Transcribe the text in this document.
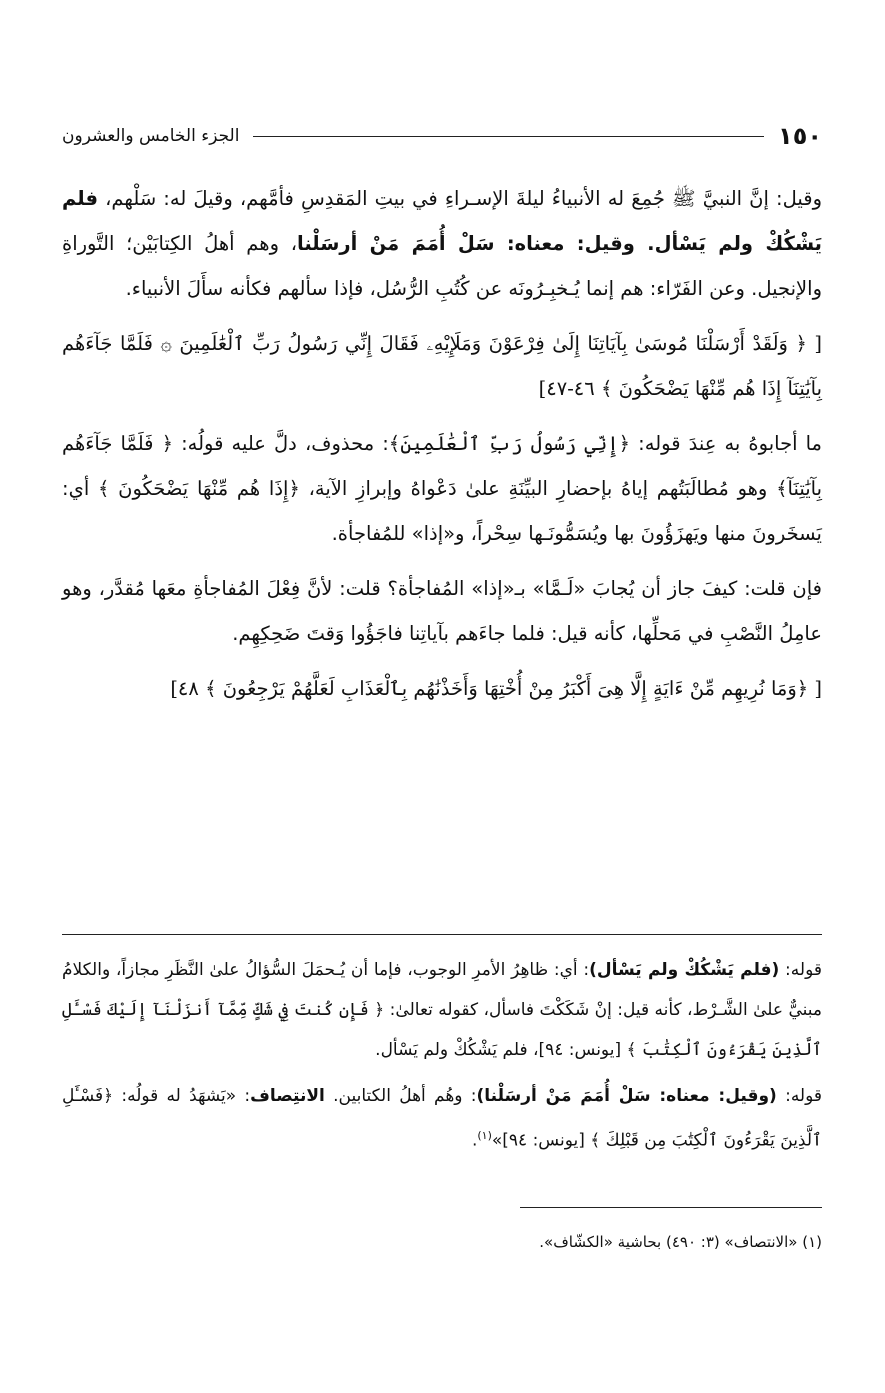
١٥٠
الجزء الخامس والعشرون

وقيل: إنَّ النبيَّ ﷺ جُمِعَ له الأنبياءُ ليلةَ الإسـراءِ في بيتِ المَقدِسِ فأمَّهم، وقيلَ له: سَلْهم، فلم يَشْكُكْ ولم يَسْأل. وقيل: معناه: سَلْ أُمَمَ مَنْ أرسَلْنا، وهم أهلُ الكِتابَيْن؛ التَّوراةِ والإنجيل. وعن الفَرّاء: هم إنما يُـخبِـرُونَه عن كُتُبِ الرُّسُل، فإذا سألهم فكأنه سأَلَ الأنبياء.

[ ﴿ وَلَقَدْ أَرْسَلْنَا مُوسَىٰ بِآيَاتِنَا إِلَىٰ فِرْعَوْنَ وَمَلَإِيْهِۦ فَقَالَ إِنِّي رَسُولُ رَبِّ ٱلْعَٰلَمِينَ ۞ فَلَمَّا جَآءَهُم بِآيَٰتِنَآ إِذَا هُم مِّنْهَا يَضْحَكُونَ ﴾ ٤٦-٤٧]

ما أجابوهُ به عِندَ قوله: ﴿إِنِّي رَسُولُ رَبِّ ٱلْعَٰلَمِينَ﴾: محذوف، دلَّ عليه قولُه: ﴿ فَلَمَّا جَآءَهُم بِآيَٰتِنَآ﴾ وهو مُطالَبَتُهم إياهُ بإحضارِ البيِّنَةِ علىٰ دَعْواهُ وإبرازِ الآية، ﴿إِذَا هُم مِّنْهَا يَضْحَكُونَ ﴾ أي: يَسخَرونَ منها ويَهزَؤُونَ بها ويُسَمُّونَـها سِحْراً، و«إذا» للمُفاجأة.

فإن قلت: كيفَ جاز أن يُجابَ «لَـمَّا» بـ«إذا» المُفاجأة؟ قلت: لأنَّ فِعْلَ المُفاجأةِ معَها مُقدَّر، وهو عامِلُ النَّصْبِ في مَحلِّها، كأنه قيل: فلما جاءَهم بآياتِنا فاجَؤُوا وَقتَ ضَحِكِهِم.

[ ﴿وَمَا نُرِيهِم مِّنْ ءَايَةٍ إِلَّا هِىَ أَكْبَرُ مِنْ أُخْتِهَا وَأَخَذْنَٰهُم بِٱلْعَذَابِ لَعَلَّهُمْ يَرْجِعُونَ ﴾ ٤٨]

قوله: (فلم يَشْكُكْ ولم يَسْأل): أي: ظاهِرُ الأمرِ الوجوب، فإما أن يُـحمَلَ السُّؤالُ علىٰ النَّظَرِ مجازاً، والكلامُ مبنيٌّ علىٰ الشَّـرْط، كأنه قيل: إنْ شَكَكْتَ فاسأل، كقوله تعالىٰ: ﴿ فَإِن كُنتَ فِي شَكٍّ مِّمَّآ أَنزَلْنَآ إِلَيْكَ فَسْـَٔلِ ٱلَّذِينَ يَقْرَءُونَ ٱلْكِتَٰبَ ﴾ [يونس: ٩٤]، فلم يَشْكُكْ ولم يَسْأل.

قوله: (وقيل: معناه: سَلْ أُمَمَ مَنْ أرسَلْنا): وهُم أهلُ الكتابين. الانتِصاف: «يَشهَدُ له قولُه: ﴿فَسْـَٔلِ ٱلَّذِينَ يَقْرَءُونَ ٱلْكِتَٰبَ مِن قَبْلِكَ ﴾ [يونس: ٩٤]»$^{(١)}$.

(١) «الانتصاف» (٣: ٤٩٠) بحاشية «الكشّاف».
